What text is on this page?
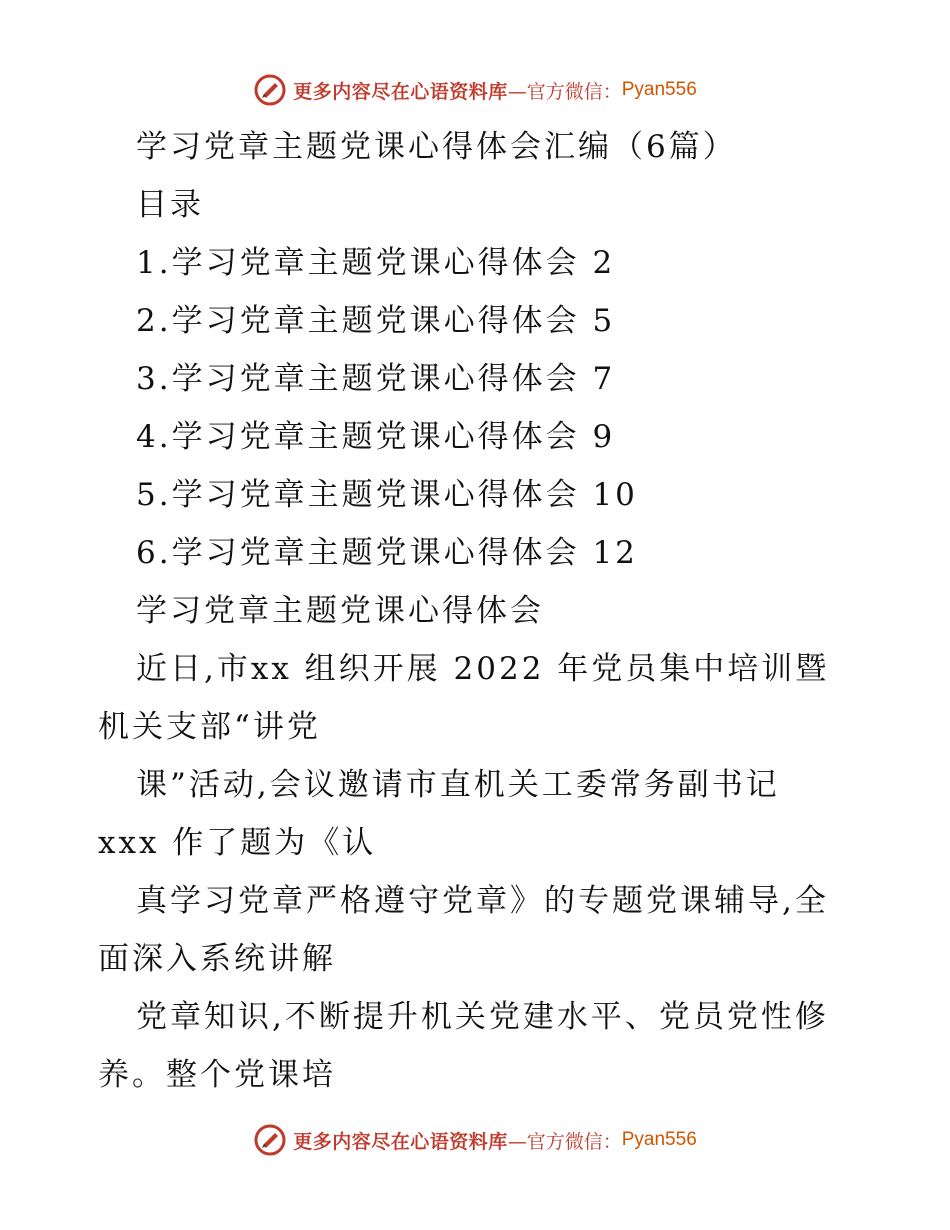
更多内容尽在心语资料库 —官方微信： Pyan556
学习党章主题党课心得体会汇编（6篇）
目录
1.学习党章主题党课心得体会 2
2.学习党章主题党课心得体会 5
3.学习党章主题党课心得体会 7
4.学习党章主题党课心得体会 9
5.学习党章主题党课心得体会 10
6.学习党章主题党课心得体会 12
学习党章主题党课心得体会
近日,市xx 组织开展 2022 年党员集中培训暨
机关支部“讲党
课”活动,会议邀请市直机关工委常务副书记
xxx 作了题为《认
真学习党章严格遵守党章》的专题党课辅导,全
面深入系统讲解
党章知识,不断提升机关党建水平、党员党性修
养。整个党课培
更多内容尽在心语资料库 —官方微信： Pyan556
